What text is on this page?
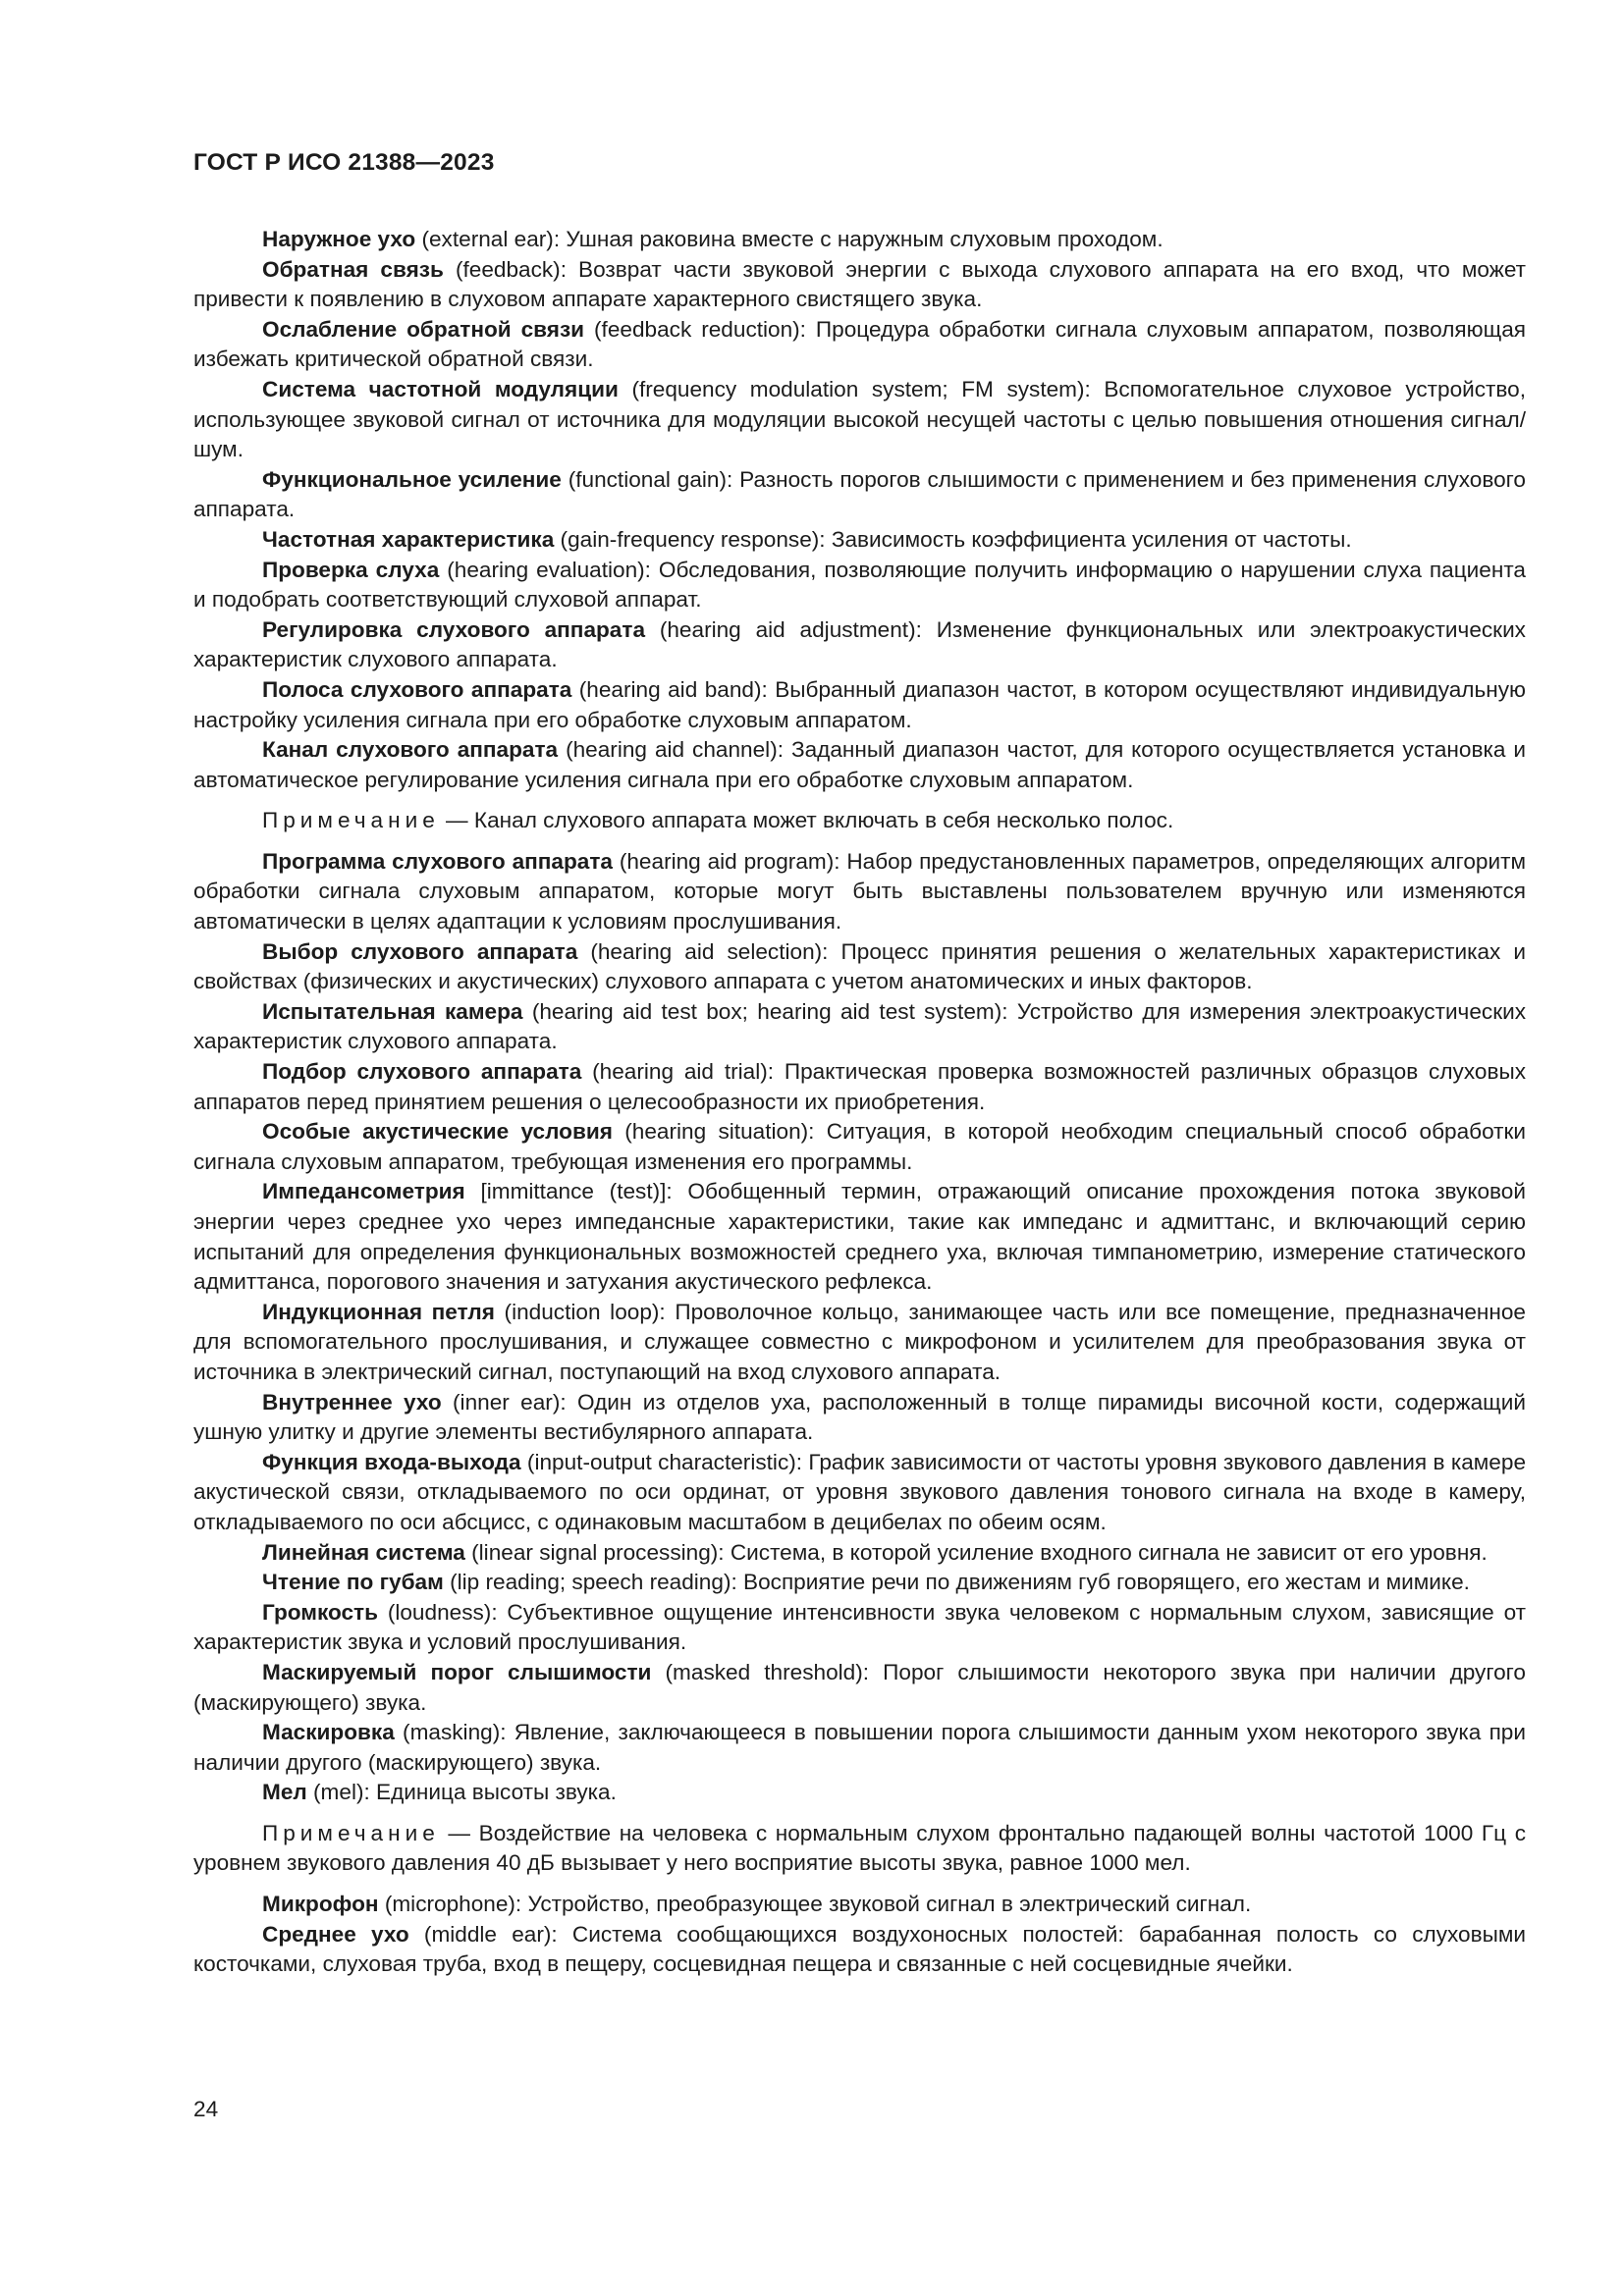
ГОСТ Р ИСО 21388—2023

Наружное ухо (external ear): Ушная раковина вместе с наружным слуховым проходом.

Обратная связь (feedback): Возврат части звуковой энергии с выхода слухового аппарата на его вход, что может привести к появлению в слуховом аппарате характерного свистящего звука.

Ослабление обратной связи (feedback reduction): Процедура обработки сигнала слуховым аппаратом, позволяющая избежать критической обратной связи.

Система частотной модуляции (frequency modulation system; FM system): Вспомогательное слуховое устройство, использующее звуковой сигнал от источника для модуляции высокой несущей частоты с целью повышения отношения сигнал/шум.

Функциональное усиление (functional gain): Разность порогов слышимости с применением и без применения слухового аппарата.

Частотная характеристика (gain-frequency response): Зависимость коэффициента усиления от частоты.

Проверка слуха (hearing evaluation): Обследования, позволяющие получить информацию о нарушении слуха пациента и подобрать соответствующий слуховой аппарат.

Регулировка слухового аппарата (hearing aid adjustment): Изменение функциональных или электроакустических характеристик слухового аппарата.

Полоса слухового аппарата (hearing aid band): Выбранный диапазон частот, в котором осуществляют индивидуальную настройку усиления сигнала при его обработке слуховым аппаратом.

Канал слухового аппарата (hearing aid channel): Заданный диапазон частот, для которого осуществляется установка и автоматическое регулирование усиления сигнала при его обработке слуховым аппаратом.

Примечание — Канал слухового аппарата может включать в себя несколько полос.

Программа слухового аппарата (hearing aid program): Набор предустановленных параметров, определяющих алгоритм обработки сигнала слуховым аппаратом, которые могут быть выставлены пользователем вручную или изменяются автоматически в целях адаптации к условиям прослушивания.

Выбор слухового аппарата (hearing aid selection): Процесс принятия решения о желательных характеристиках и свойствах (физических и акустических) слухового аппарата с учетом анатомических и иных факторов.

Испытательная камера (hearing aid test box; hearing aid test system): Устройство для измерения электроакустических характеристик слухового аппарата.

Подбор слухового аппарата (hearing aid trial): Практическая проверка возможностей различных образцов слуховых аппаратов перед принятием решения о целесообразности их приобретения.

Особые акустические условия (hearing situation): Ситуация, в которой необходим специальный способ обработки сигнала слуховым аппаратом, требующая изменения его программы.

Импедансометрия [immittance (test)]: Обобщенный термин, отражающий описание прохождения потока звуковой энергии через среднее ухо через импедансные характеристики, такие как импеданс и адмиттанс, и включающий серию испытаний для определения функциональных возможностей среднего уха, включая тимпанометрию, измерение статического адмиттанса, порогового значения и затухания акустического рефлекса.

Индукционная петля (induction loop): Проволочное кольцо, занимающее часть или все помещение, предназначенное для вспомогательного прослушивания, и служащее совместно с микрофоном и усилителем для преобразования звука от источника в электрический сигнал, поступающий на вход слухового аппарата.

Внутреннее ухо (inner ear): Один из отделов уха, расположенный в толще пирамиды височной кости, содержащий ушную улитку и другие элементы вестибулярного аппарата.

Функция входа-выхода (input-output characteristic): График зависимости от частоты уровня звукового давления в камере акустической связи, откладываемого по оси ординат, от уровня звукового давления тонового сигнала на входе в камеру, откладываемого по оси абсцисс, с одинаковым масштабом в децибелах по обеим осям.

Линейная система (linear signal processing): Система, в которой усиление входного сигнала не зависит от его уровня.

Чтение по губам (lip reading; speech reading): Восприятие речи по движениям губ говорящего, его жестам и мимике.

Громкость (loudness): Субъективное ощущение интенсивности звука человеком с нормальным слухом, зависящие от характеристик звука и условий прослушивания.

Маскируемый порог слышимости (masked threshold): Порог слышимости некоторого звука при наличии другого (маскирующего) звука.

Маскировка (masking): Явление, заключающееся в повышении порога слышимости данным ухом некоторого звука при наличии другого (маскирующего) звука.

Мел (mel): Единица высоты звука.

Примечание — Воздействие на человека с нормальным слухом фронтально падающей волны частотой 1000 Гц с уровнем звукового давления 40 дБ вызывает у него восприятие высоты звука, равное 1000 мел.

Микрофон (microphone): Устройство, преобразующее звуковой сигнал в электрический сигнал.

Среднее ухо (middle ear): Система сообщающихся воздухоносных полостей: барабанная полость со слуховыми косточками, слуховая труба, вход в пещеру, сосцевидная пещера и связанные с ней сосцевидные ячейки.

24
